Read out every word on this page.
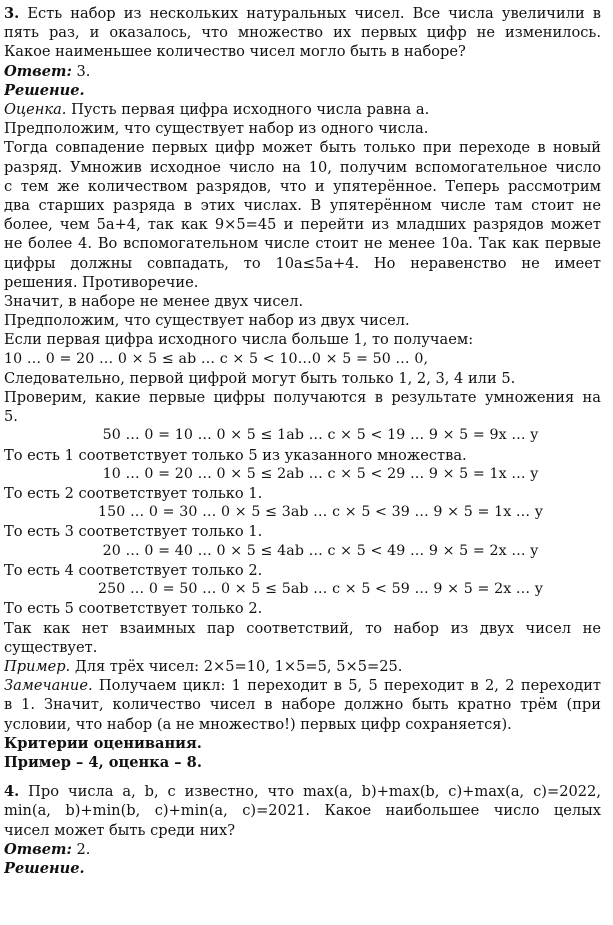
3. Есть набор из нескольких натуральных чисел. Все числа увеличили в
пять раз, и оказалось, что множество их первых цифр не изменилось.
Какое наименьшее количество чисел могло быть в наборе?
Ответ: 3.
Решение.
Оценка. Пусть первая цифра исходного числа равна a.
Предположим, что существует набор из одного числа.
Тогда совпадение первых цифр может быть только при переходе в новый
разряд. Умножив исходное число на 10, получим вспомогательное число
с тем же количеством разрядов, что и упятерённое. Теперь рассмотрим
два старших разряда в этих числах. В упятерённом числе там стоит не
более, чем 5a+4, так как 9×5=45 и перейти из младших разрядов может
не более 4. Во вспомогательном числе стоит не менее 10a. Так как первые
цифры должны совпадать, то 10a≤5a+4. Но неравенство не имеет
решения. Противоречие.
Значит, в наборе не менее двух чисел.
Предположим, что существует набор из двух чисел.
Если первая цифра исходного числа больше 1, то получаем:
10 … 0 = 20 … 0 × 5 ≤ ab … c × 5 < 10…0 × 5 = 50 … 0,
Следовательно, первой цифрой могут быть только 1, 2, 3, 4 или 5.
Проверим, какие первые цифры получаются в результате умножения на
5.
50 … 0 = 10 … 0 × 5 ≤ 1ab … c × 5 < 19 … 9 × 5 = 9x … y
То есть 1 соответствует только 5 из указанного множества.
10 … 0 = 20 … 0 × 5 ≤ 2ab … c × 5 < 29 … 9 × 5 = 1x … y
То есть 2 соответствует только 1.
150 … 0 = 30 … 0 × 5 ≤ 3ab … c × 5 < 39 … 9 × 5 = 1x … y
То есть 3 соответствует только 1.
20 … 0 = 40 … 0 × 5 ≤ 4ab … c × 5 < 49 … 9 × 5 = 2x … y
То есть 4 соответствует только 2.
250 … 0 = 50 … 0 × 5 ≤ 5ab … c × 5 < 59 … 9 × 5 = 2x … y
То есть 5 соответствует только 2.
Так как нет взаимных пар соответствий, то набор из двух чисел не
существует.
Пример. Для трёх чисел: 2×5=10, 1×5=5, 5×5=25.
Замечание. Получаем цикл: 1 переходит в 5, 5 переходит в 2, 2 переходит
в 1. Значит, количество чисел в наборе должно быть кратно трём (при
условии, что набор (а не множество!) первых цифр сохраняется).
Критерии оценивания.
Пример – 4, оценка – 8.
4. Про числа a, b, c известно, что max(a, b)+max(b, c)+max(a, c)=2022,
min(a, b)+min(b, c)+min(a, c)=2021. Какое наибольшее число целых
чисел может быть среди них?
Ответ: 2.
Решение.
